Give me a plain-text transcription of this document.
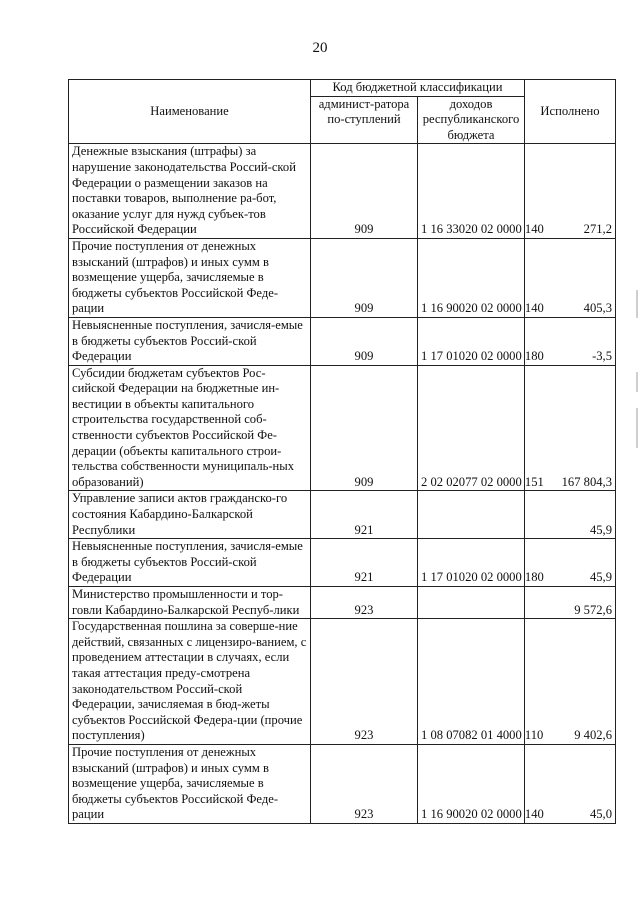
20
Наименование	Код бюджетной классификации		Исполнено
	админист-ратора по-ступлений	доходов республиканского бюджета	
Денежные взыскания (штрафы) за нарушение законодательства Россий-ской Федерации о размещении заказов на поставки товаров, выполнение ра-бот, оказание услуг для нужд субъек-тов Российской Федерации	909	1 16 33020 02 0000 140	271,2
Прочие поступления от денежных взысканий (штрафов) и иных сумм в возмещение ущерба, зачисляемые в бюджеты субъектов Российской Феде-рации	909	1 16 90020 02 0000 140	405,3
Невыясненные поступления, зачисля-емые в бюджеты субъектов Россий-ской Федерации	909	1 17 01020 02 0000 180	-3,5
Субсидии бюджетам субъектов Рос-сийской Федерации на бюджетные ин-вестиции в объекты капитального строительства государственной соб-ственности субъектов Российской Фе-дерации (объекты капитального строи-тельства собственности муниципаль-ных образований)	909	2 02 02077 02 0000 151	167 804,3
Управление записи актов гражданско-го состояния Кабардино-Балкарской Республики	921		45,9
Невыясненные поступления, зачисля-емые в бюджеты субъектов Россий-ской Федерации	921	1 17 01020 02 0000 180	45,9
Министерство промышленности и тор-говли Кабардино-Балкарской Респуб-лики	923		9 572,6
Государственная пошлина за соверше-ние действий, связанных с лицензиро-ванием, с проведением аттестации в случаях, если такая аттестация преду-смотрена законодательством Россий-ской Федерации, зачисляемая в бюд-жеты субъектов Российской Федера-ции (прочие поступления)	923	1 08 07082 01 4000 110	9 402,6
Прочие поступления от денежных взысканий (штрафов) и иных сумм в возмещение ущерба, зачисляемые в бюджеты субъектов Российской Феде-рации	923	1 16 90020 02 0000 140	45,0
